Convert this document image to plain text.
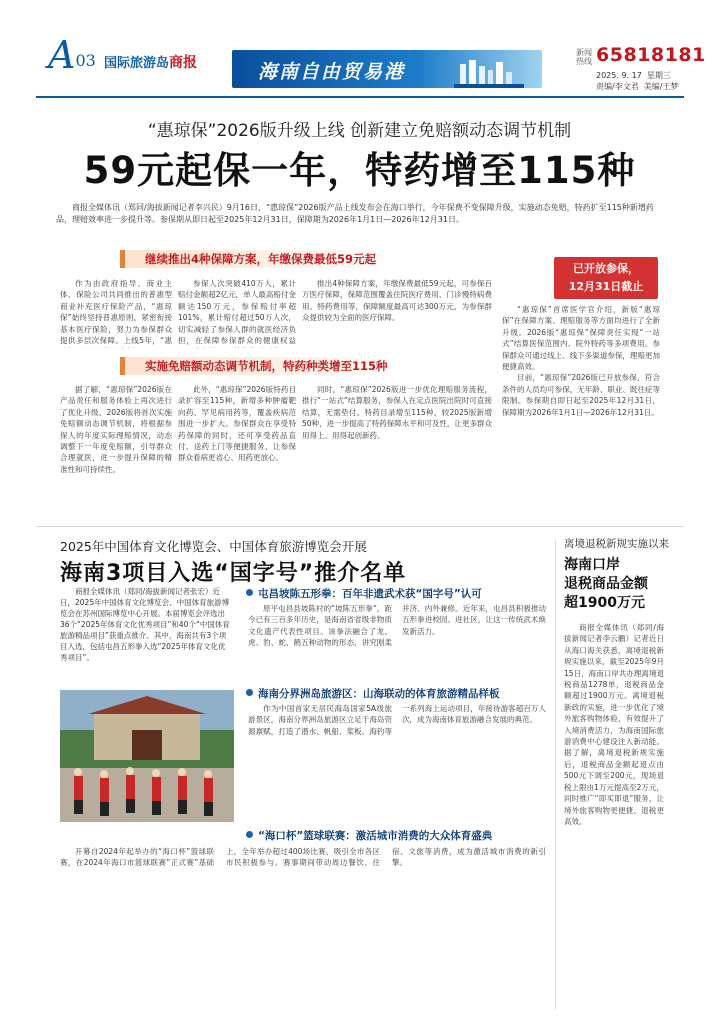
A03 国际旅游岛商报	海南自由贸易港
新闻热线 65818181
2025. 9. 17 星期三
责编/李文君 美编/王梦
“惠琼保”2026版升级上线 创新建立免赔额动态调节机制
59元起保一年，特药增至115种
商报全媒体讯（郑同/海拔新闻记者李兴民）9月16日，“惠琼保”2026版产品上线发布会在海口举行，今年保费不变保障升级，实施动态免赔，特药扩至115种新增药品，理赔效率进一步提升等。参保期从即日起至2025年12月31日，保障期为2026年1月1日—2026年12月31日。
继续推出4种保障方案，年缴保费最低59元起
已开放参保，
12月31日截止

作为由政府指导、商业主体、保险公司共同推出的普惠型商业补充医疗保险产品，“惠琼保”始终坚持普惠原则，紧密衔接基本医疗保险，努力为参保群众提供多层次保障。上线5年，“惠

参保人次突破410万人，累计赔付金额超2亿元，单人最高赔付金额达150万元，参保赔付率超101%，累计赔付超过50万人次，切实减轻了参保人群的就医经济负担，在保障参保群众的健康权益

推出4种保障方案，年缴保费最低59元起，可参保百万医疗保障，保障范围覆盖住院医疗费用、门诊慢特病费用、特药费用等，保障额度最高可达300万元，为参保群众提供较为全面的医疗保障。

“惠琼保”首席医学官介绍，新版“惠琼保”在保障方案、理赔服务等方面均进行了全新升级。2026版“惠琼保”保障责任实现“一站式”结算医保范围内、院外特药等多项费用。参保群众可通过线上、线下多渠道参保，理赔更加便捷高效。

目前，“惠琼保”2026版已开放参保，符合条件的人员均可参保，无年龄、职业、既往症等限制。参保期自即日起至2025年12月31日，保障期为2026年1月1日—2026年12月31日。

实施免赔额动态调节机制，特药种类增至115种

据了解，“惠琼保”2026版在产品责任和服务体验上再次进行了优化升级。2026版将首次实施免赔额动态调节机制，将根据参保人的年度实际理赔情况，动态调整下一年度免赔额，引导群众合理就医，进一步提升保障的精准性和可持续性。

此外，“惠琼保”2026版特药目录扩容至115种，新增多种肿瘤靶向药、罕见病用药等，覆盖疾病范围进一步扩大。参保群众在享受特药保障的同时，还可享受药品直付、送药上门等便捷服务，让参保群众看病更省心、用药更放心。

同时，“惠琼保”2026版进一步优化理赔服务流程，推行“一站式”结算服务，参保人在定点医院出院时可直接结算，无需垫付。特药目录增至115种，较2025版新增50种，进一步提高了特药保障水平和可及性，让更多群众用得上、用得起创新药。

2025年中国体育文化博览会、中国体育旅游博览会开展
海南3项目入选“国字号”推介名单
商报全媒体讯（郑同/海拔新闻记者张宏）近日，2025年中国体育文化博览会、中国体育旅游博览会在苏州国际博览中心开展。本届博览会评选出36个“2025年体育文化优秀项目”和40个“中国体育旅游精品项目”获重点推介。其中，海南共有3个项目入选，包括屯昌五形拳入选“2025年体育文化优秀项目”。
屯昌坡陈五形拳：百年非遗武术获“国字号”认可

原平屯昌县坡陈村的“坡陈五形拳”，距今已有三百多年历史，是海南省省级非物质文化遗产代表性项目。该拳法融合了龙、虎、豹、蛇、鹤五种动物的形态，讲究刚柔并济、内外兼修。近年来，屯昌县积极推动五形拳进校园、进社区，让这一传统武术焕发新活力。

海南分界洲岛旅游区：山海联动的体育旅游精品样板

作为中国首家无居民海岛国家5A级旅游景区，海南分界洲岛旅游区立足于海岛资源禀赋，打造了潜水、帆船、桨板、海钓等一系列海上运动项目，年接待游客超百万人次，成为海南体育旅游融合发展的典范。

“海口杯”篮球联赛：激活城市消费的大众体育盛典

开幕自2024年起举办的“海口杯”篮球联赛，在2024年海口市篮球联赛“正式赛”基础上，全年举办超过400场比赛，吸引全市各区市民积极参与。赛事期间带动周边餐饮、住宿、文旅等消费，成为激活城市消费的新引擎。

离境退税新规实施以来
海南口岸
退税商品金额
超1900万元

商报全媒体讯（郑同/海拔新闻记者李云鹏）记者近日从海口海关获悉，离境退税新规实施以来，截至2025年9月15日，海南口岸共办理离境退税商品1278单，退税商品金额超过1900万元。离境退税新政的实施，进一步优化了境外旅客购物体验，有效提升了入境消费活力，为海南国际旅游消费中心建设注入新动能。据了解，离境退税新规实施后，退税商品金额起退点由500元下调至200元，现场退税上限由1万元提高至2万元，同时推广“即买即退”服务，让境外旅客购物更便捷、退税更高效。
